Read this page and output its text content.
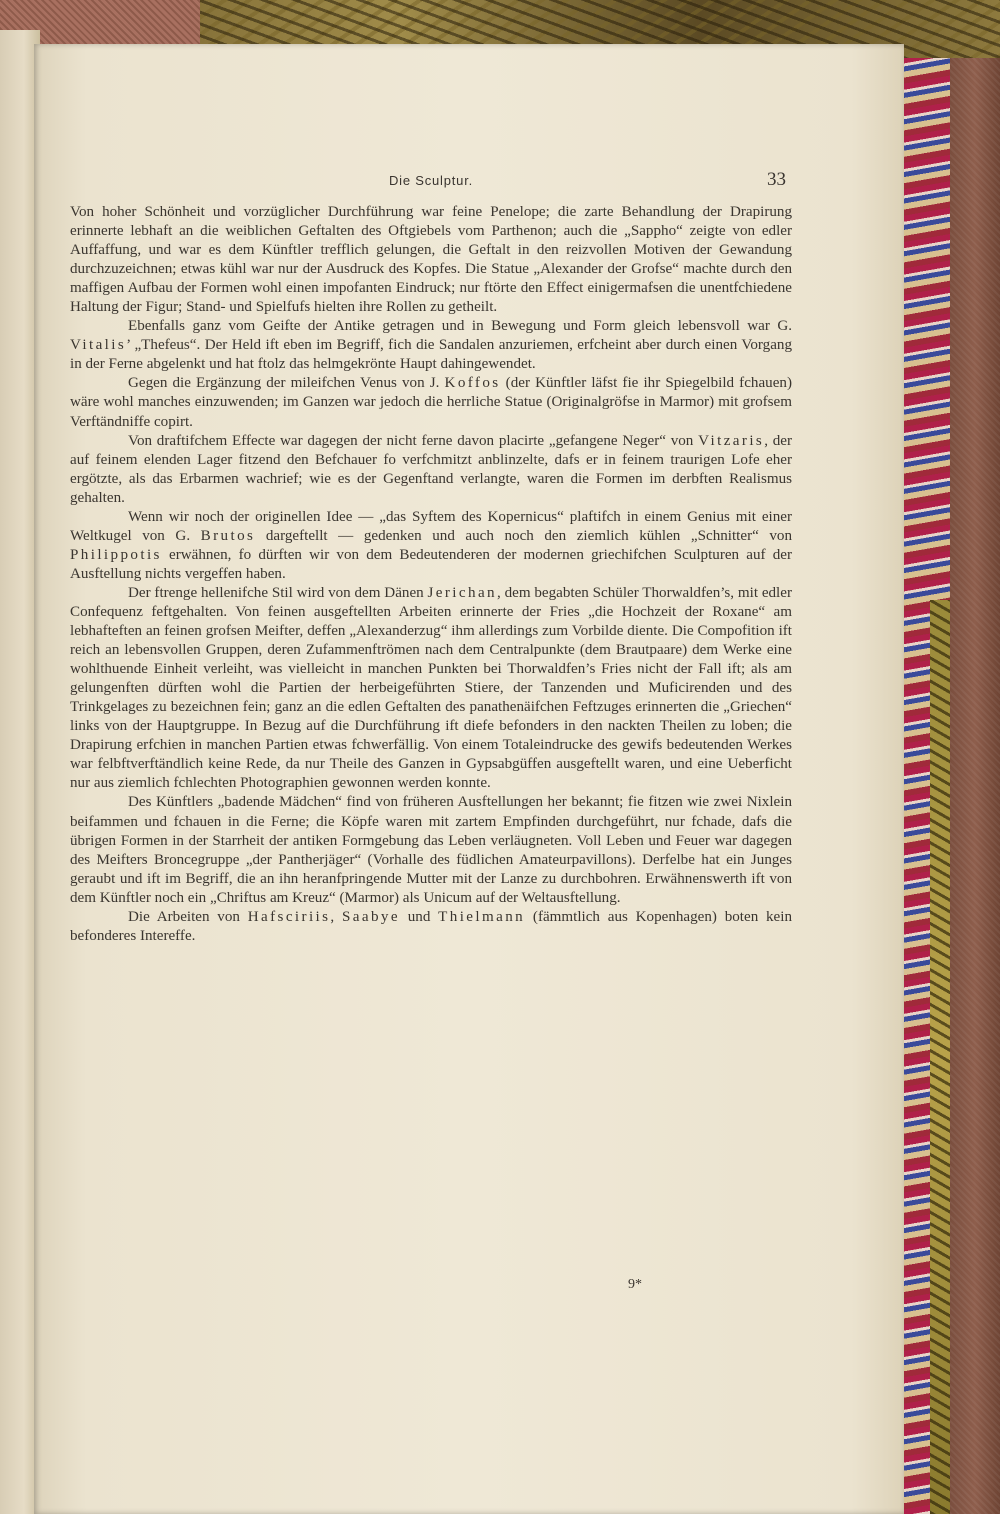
Die Sculptur.	33

Von hoher Schönheit und vorzüglicher Durchführung war feine Penelope; die zarte Behandlung der Drapirung erinnerte lebhaft an die weiblichen Geftalten des Oftgiebels vom Parthenon; auch die „Sappho“ zeigte von edler Auffaffung, und war es dem Künftler trefflich gelungen, die Geftalt in den reizvollen Motiven der Gewandung durchzuzeichnen; etwas kühl war nur der Ausdruck des Kopfes. Die Statue „Alexander der Grofse“ machte durch den maffigen Aufbau der Formen wohl einen impofanten Eindruck; nur ftörte den Effect einigermafsen die unentfchiedene Haltung der Figur; Stand- und Spielfufs hielten ihre Rollen zu getheilt.

Ebenfalls ganz vom Geifte der Antike getragen und in Bewegung und Form gleich lebensvoll war G. Vitalis’ „Thefeus“. Der Held ift eben im Begriff, fich die Sandalen anzuriemen, erfcheint aber durch einen Vorgang in der Ferne abgelenkt und hat ftolz das helmgekrönte Haupt dahingewendet.

Gegen die Ergänzung der mileifchen Venus von J. Koffos (der Künftler läfst fie ihr Spiegelbild fchauen) wäre wohl manches einzuwenden; im Ganzen war jedoch die herrliche Statue (Originalgröfse in Marmor) mit grofsem Verftändniffe copirt.

Von draftifchem Effecte war dagegen der nicht ferne davon placirte „gefangene Neger“ von Vitzaris, der auf feinem elenden Lager fitzend den Befchauer fo verfchmitzt anblinzelte, dafs er in feinem traurigen Lofe eher ergötzte, als das Erbarmen wachrief; wie es der Gegenftand verlangte, waren die Formen im derbften Realismus gehalten.

Wenn wir noch der originellen Idee — „das Syftem des Kopernicus“ plaftifch in einem Genius mit einer Weltkugel von G. Brutos dargeftellt — gedenken und auch noch den ziemlich kühlen „Schnitter“ von Philippotis erwähnen, fo dürften wir von dem Bedeutenderen der modernen griechifchen Sculpturen auf der Ausftellung nichts vergeffen haben.

Der ftrenge hellenifche Stil wird von dem Dänen Jerichan, dem begabten Schüler Thorwaldfen’s, mit edler Confequenz feftgehalten. Von feinen ausgeftellten Arbeiten erinnerte der Fries „die Hochzeit der Roxane“ am lebhafteften an feinen grofsen Meifter, deffen „Alexanderzug“ ihm allerdings zum Vorbilde diente. Die Compofition ift reich an lebensvollen Gruppen, deren Zufammenftrömen nach dem Centralpunkte (dem Brautpaare) dem Werke eine wohlthuende Einheit verleiht, was vielleicht in manchen Punkten bei Thorwaldfen’s Fries nicht der Fall ift; als am gelungenften dürften wohl die Partien der herbeigeführten Stiere, der Tanzenden und Muficirenden und des Trinkgelages zu bezeichnen fein; ganz an die edlen Geftalten des panathenäifchen Feftzuges erinnerten die „Griechen“ links von der Hauptgruppe. In Bezug auf die Durchführung ift diefe befonders in den nackten Theilen zu loben; die Drapirung erfchien in manchen Partien etwas fchwerfällig. Von einem Totaleindrucke des gewifs bedeutenden Werkes war felbftverftändlich keine Rede, da nur Theile des Ganzen in Gypsabgüffen ausgeftellt waren, und eine Ueberficht nur aus ziemlich fchlechten Photographien gewonnen werden konnte.

Des Künftlers „badende Mädchen“ find von früheren Ausftellungen her bekannt; fie fitzen wie zwei Nixlein beifammen und fchauen in die Ferne; die Köpfe waren mit zartem Empfinden durchgeführt, nur fchade, dafs die übrigen Formen in der Starrheit der antiken Formgebung das Leben verläugneten. Voll Leben und Feuer war dagegen des Meifters Broncegruppe „der Pantherjäger“ (Vorhalle des füdlichen Amateurpavillons). Derfelbe hat ein Junges geraubt und ift im Begriff, die an ihn heranfpringende Mutter mit der Lanze zu durchbohren. Erwähnenswerth ift von dem Künftler noch ein „Chriftus am Kreuz“ (Marmor) als Unicum auf der Weltausftellung.

Die Arbeiten von Hafsciriis, Saabye und Thielmann (fämmtlich aus Kopenhagen) boten kein befonderes Intereffe.

9*
